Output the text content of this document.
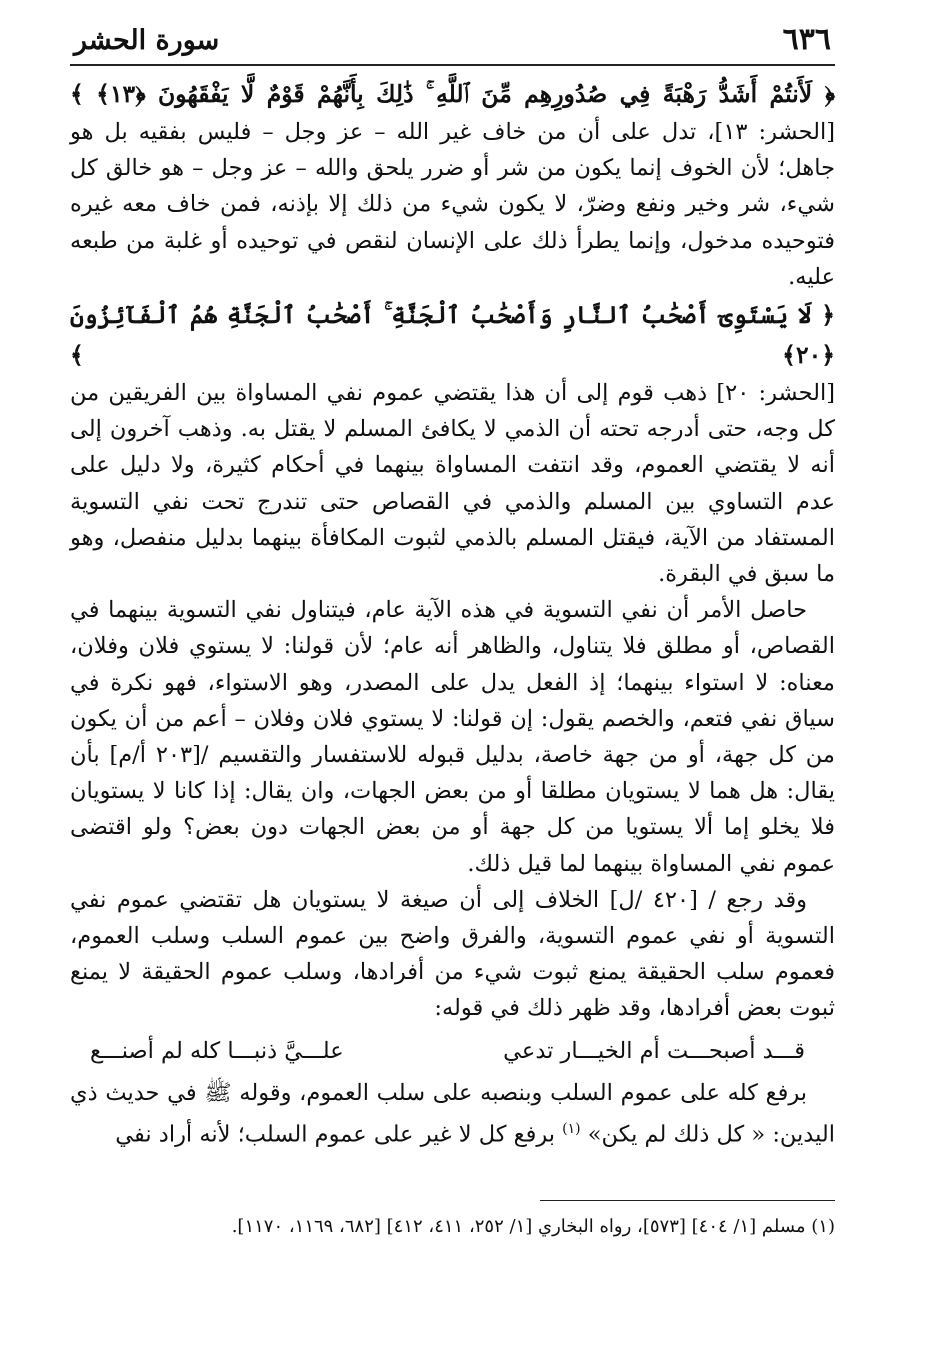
٦٣٦
سورة الحشر
﴿ لَأَنتُمْ أَشَدُّ رَهْبَةً فِي صُدُورِهِم مِّنَ ٱللَّهِ ۚ ذَٰلِكَ بِأَنَّهُمْ قَوْمٌ لَّا يَفْقَهُونَ ﴿١٣﴾ ﴾
[الحشر: ١٣]، تدل على أن من خاف غير الله – عز وجل – فليس بفقيه بل هو جاهل؛ لأن الخوف إنما يكون من شر أو ضرر يلحق والله – عز وجل – هو خالق كل شيء، شر وخير ونفع وضرّ، لا يكون شيء من ذلك إلا بإذنه، فمن خاف معه غيره فتوحيده مدخول، وإنما يطرأ ذلك على الإنسان لنقص في توحيده أو غلبة من طبعه عليه.
﴿ لَا يَسْتَوِىٓ أَصْحَٰبُ ٱلنَّارِ وَأَصْحَٰبُ ٱلْجَنَّةِ ۚ أَصْحَٰبُ ٱلْجَنَّةِ هُمُ ٱلْفَآئِزُونَ ﴿٢٠﴾ ﴾
[الحشر: ٢٠] ذهب قوم إلى أن هذا يقتضي عموم نفي المساواة بين الفريقين من كل وجه، حتى أدرجه تحته أن الذمي لا يكافئ المسلم لا يقتل به. وذهب آخرون إلى أنه لا يقتضي العموم، وقد انتفت المساواة بينهما في أحكام كثيرة، ولا دليل على عدم التساوي بين المسلم والذمي في القصاص حتى تندرج تحت نفي التسوية المستفاد من الآية، فيقتل المسلم بالذمي لثبوت المكافأة بينهما بدليل منفصل، وهو ما سبق في البقرة.
حاصل الأمر أن نفي التسوية في هذه الآية عام، فيتناول نفي التسوية بينهما في القصاص، أو مطلق فلا يتناول، والظاهر أنه عام؛ لأن قولنا: لا يستوي فلان وفلان، معناه: لا استواء بينهما؛ إذ الفعل يدل على المصدر، وهو الاستواء، فهو نكرة في سياق نفي فتعم، والخصم يقول: إن قولنا: لا يستوي فلان وفلان – أعم من أن يكون من كل جهة، أو من جهة خاصة، بدليل قبوله للاستفسار والتقسيم /[٢٠٣ أ/م] بأن يقال: هل هما لا يستويان مطلقا أو من بعض الجهات، وان يقال: إذا كانا لا يستويان فلا يخلو إما ألا يستويا من كل جهة أو من بعض الجهات دون بعض؟ ولو اقتضى عموم نفي المساواة بينهما لما قيل ذلك.
وقد رجع / [٤٢٠ /ل] الخلاف إلى أن صيغة لا يستويان هل تقتضي عموم نفي التسوية أو نفي عموم التسوية، والفرق واضح بين عموم السلب وسلب العموم، فعموم سلب الحقيقة يمنع ثبوت شيء من أفرادها، وسلب عموم الحقيقة لا يمنع ثبوت بعض أفرادها، وقد ظهر ذلك في قوله:
قـــد أصبحـــت أم الخيـــار تدعي
علـــيَّ ذنبـــا كله لم أصنـــع
برفع كله على عموم السلب وبنصبه على سلب العموم، وقوله ﷺ في حديث ذي اليدين: « كل ذلك لم يكن» $^{(١)}$ برفع كل لا غير على عموم السلب؛ لأنه أراد نفي
(١) مسلم [١/ ٤٠٤] [٥٧٣]، رواه البخاري [١/ ٢٥٢، ٤١١، ٤١٢] [٦٨٢، ١١٦٩، ١١٧٠].
